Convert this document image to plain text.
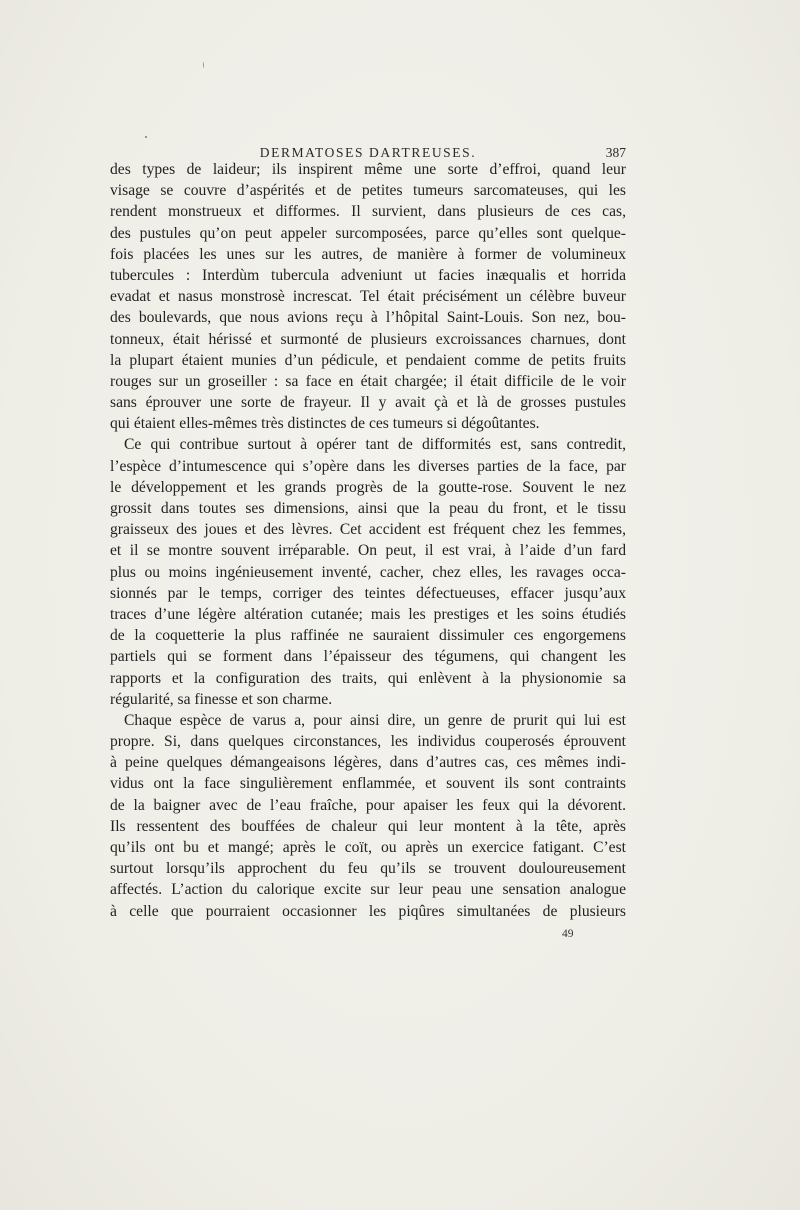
DERMATOSES DARTREUSES.	387

des types de laideur; ils inspirent même une sorte d’effroi, quand leur
visage se couvre d’aspérités et de petites tumeurs sarcomateuses, qui les
rendent monstrueux et difformes. Il survient, dans plusieurs de ces cas,
des pustules qu’on peut appeler surcomposées, parce qu’elles sont quelque-
fois placées les unes sur les autres, de manière à former de volumineux
tubercules : Interdùm tubercula adveniunt ut facies inæqualis et horrida
evadat et nasus monstrosè increscat. Tel était précisément un célèbre buveur
des boulevards, que nous avions reçu à l’hôpital Saint-Louis. Son nez, bou-
tonneux, était hérissé et surmonté de plusieurs excroissances charnues, dont
la plupart étaient munies d’un pédicule, et pendaient comme de petits fruits
rouges sur un groseiller : sa face en était chargée; il était difficile de le voir
sans éprouver une sorte de frayeur. Il y avait çà et là de grosses pustules
qui étaient elles-mêmes très distinctes de ces tumeurs si dégoûtantes.

Ce qui contribue surtout à opérer tant de difformités est, sans contredit,
l’espèce d’intumescence qui s’opère dans les diverses parties de la face, par
le développement et les grands progrès de la goutte-rose. Souvent le nez
grossit dans toutes ses dimensions, ainsi que la peau du front, et le tissu
graisseux des joues et des lèvres. Cet accident est fréquent chez les femmes,
et il se montre souvent irréparable. On peut, il est vrai, à l’aide d’un fard
plus ou moins ingénieusement inventé, cacher, chez elles, les ravages occa-
sionnés par le temps, corriger des teintes défectueuses, effacer jusqu’aux
traces d’une légère altération cutanée; mais les prestiges et les soins étudiés
de la coquetterie la plus raffinée ne sauraient dissimuler ces engorgemens
partiels qui se forment dans l’épaisseur des tégumens, qui changent les
rapports et la configuration des traits, qui enlèvent à la physionomie sa
régularité, sa finesse et son charme.

Chaque espèce de varus a, pour ainsi dire, un genre de prurit qui lui est
propre. Si, dans quelques circonstances, les individus couperosés éprouvent
à peine quelques démangeaisons légères, dans d’autres cas, ces mêmes indi-
vidus ont la face singulièrement enflammée, et souvent ils sont contraints
de la baigner avec de l’eau fraîche, pour apaiser les feux qui la dévorent.
Ils ressentent des bouffées de chaleur qui leur montent à la tête, après
qu’ils ont bu et mangé; après le coït, ou après un exercice fatigant. C’est
surtout lorsqu’ils approchent du feu qu’ils se trouvent douloureusement
affectés. L’action du calorique excite sur leur peau une sensation analogue
à celle que pourraient occasionner les piqûres simultanées de plusieurs

49
